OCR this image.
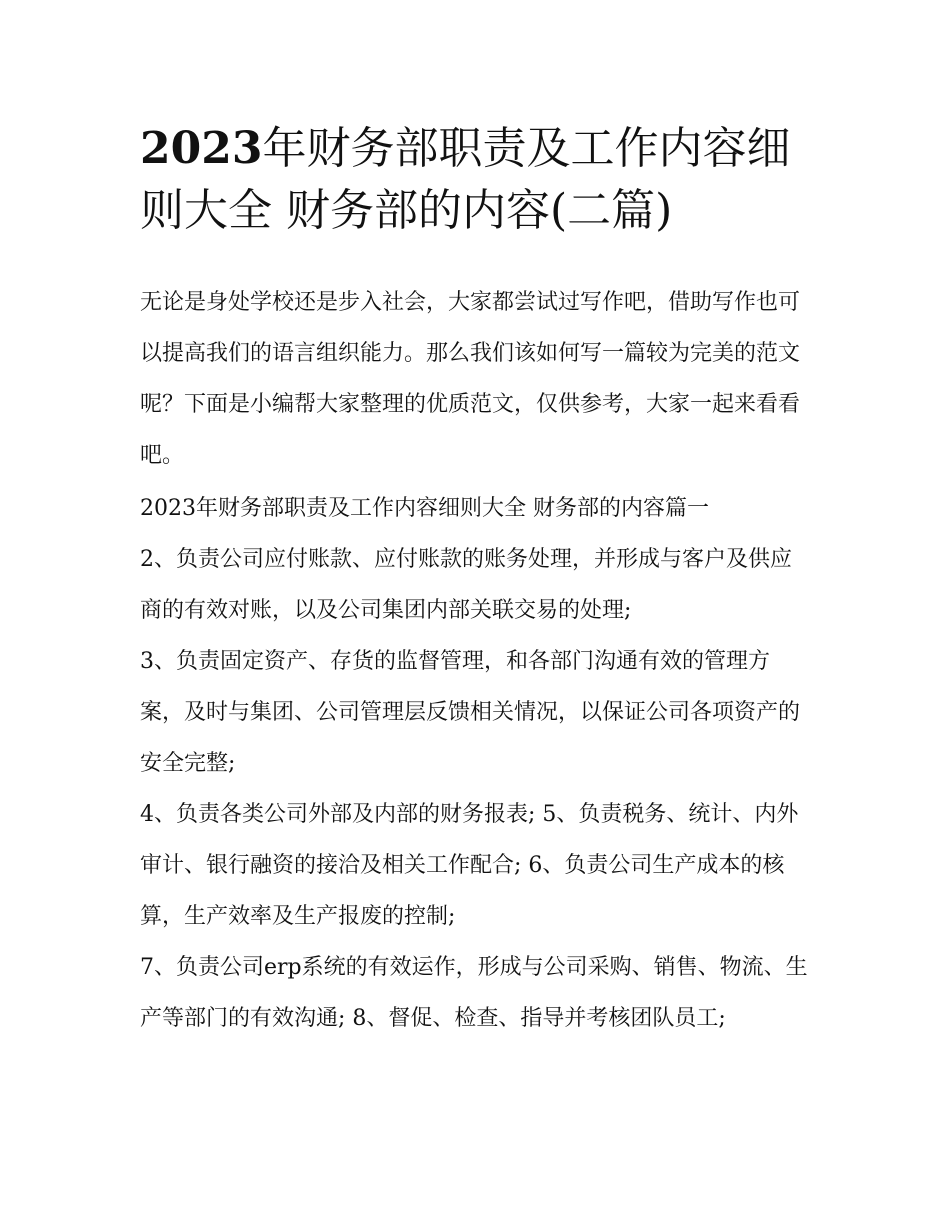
2023年财务部职责及工作内容细则大全 财务部的内容(二篇)

无论是身处学校还是步入社会，大家都尝试过写作吧，借助写作也可以提高我们的语言组织能力。那么我们该如何写一篇较为完美的范文呢？下面是小编帮大家整理的优质范文，仅供参考，大家一起来看看吧。

2023年财务部职责及工作内容细则大全 财务部的内容篇一

2、负责公司应付账款、应付账款的账务处理，并形成与客户及供应商的有效对账，以及公司集团内部关联交易的处理;

3、负责固定资产、存货的监督管理，和各部门沟通有效的管理方案，及时与集团、公司管理层反馈相关情况，以保证公司各项资产的安全完整;

4、负责各类公司外部及内部的财务报表; 5、负责税务、统计、内外审计、银行融资的接洽及相关工作配合; 6、负责公司生产成本的核算，生产效率及生产报废的控制;

7、负责公司erp系统的有效运作，形成与公司采购、销售、物流、生产等部门的有效沟通; 8、督促、检查、指导并考核团队员工;
